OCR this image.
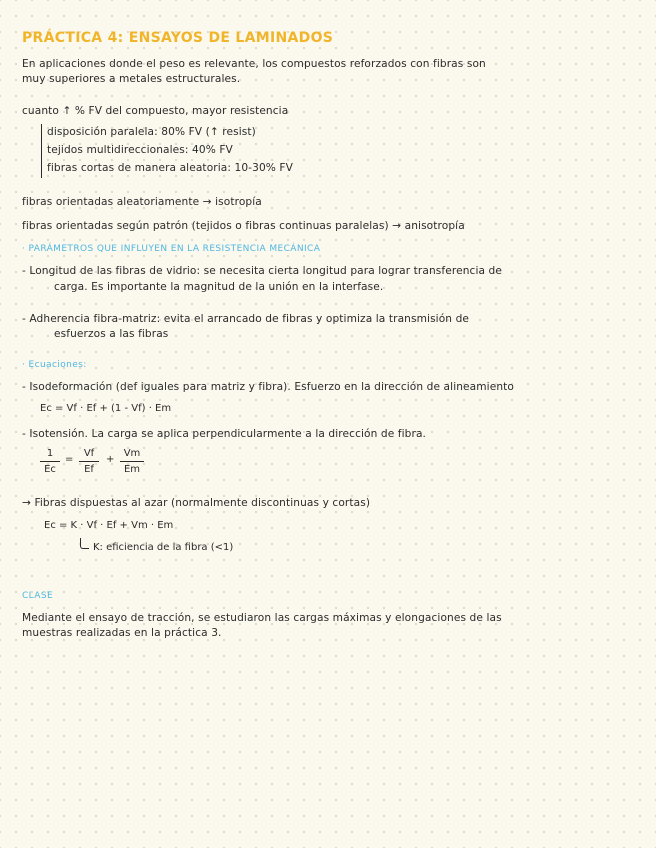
PRÁCTICA 4: ENSAYOS DE LAMINADOS
En aplicaciones donde el peso es relevante, los compuestos reforzados con fibras son
muy superiores a metales estructurales.
cuanto ↑ % FV del compuesto, mayor resistencia
disposición paralela: 80% FV (↑ resist)
tejidos multidireccionales: 40% FV
fibras cortas de manera aleatoria: 10-30% FV
fibras orientadas aleatoriamente → isotropía
fibras orientadas según patrón (tejidos o fibras continuas paralelas) → anisotropía
· PARÁMETROS QUE INFLUYEN EN LA RESISTENCIA MECÁNICA
- Longitud de las fibras de vidrio: se necesita cierta longitud para lograr transferencia de
carga. Es importante la magnitud de la unión en la interfase.
- Adherencia fibra-matriz: evita el arrancado de fibras y optimiza la transmisión de
esfuerzos a las fibras
· Ecuaciones:
- Isodeformación (def iguales para matriz y fibra). Esfuerzo en la dirección de alineamiento
Ec = Vf · Ef + (1 - Vf) · Em
- Isotensión. La carga se aplica perpendicularmente a la dirección de fibra.
1
Ec
=
Vf
Ef
+
Vm
Em
→ Fibras dispuestas al azar (normalmente discontinuas y cortas)
Ec = K · Vf · Ef + Vm · Em
K: eficiencia de la fibra (<1)
CLASE
Mediante el ensayo de tracción, se estudiaron las cargas máximas y elongaciones de las
muestras realizadas en la práctica 3.
